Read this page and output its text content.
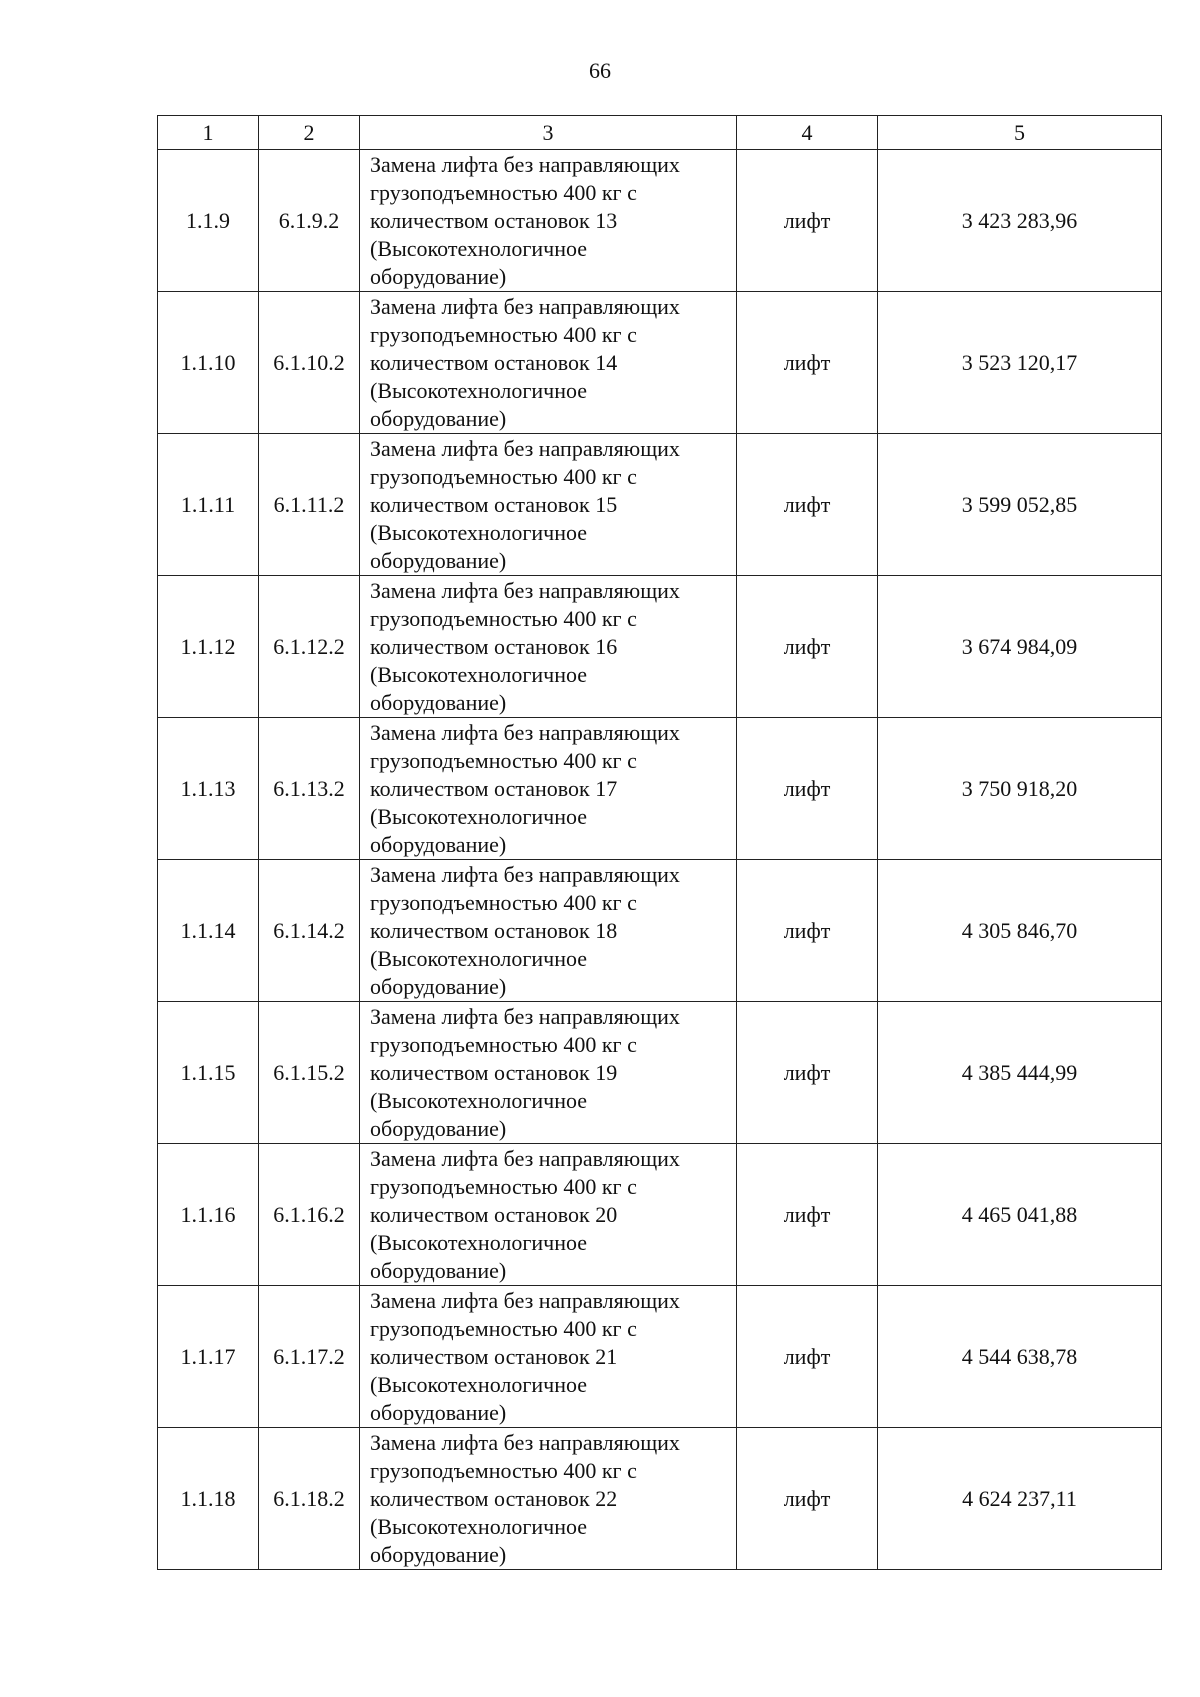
66
1	2	3	4	5
1.1.9	6.1.9.2	Замена лифта без направляющих
грузоподъемностью 400 кг с
количеством остановок 13
(Высокотехнологичное
оборудование)	лифт	3 423 283,96
1.1.10	6.1.10.2	Замена лифта без направляющих
грузоподъемностью 400 кг с
количеством остановок 14
(Высокотехнологичное
оборудование)	лифт	3 523 120,17
1.1.11	6.1.11.2	Замена лифта без направляющих
грузоподъемностью 400 кг с
количеством остановок 15
(Высокотехнологичное
оборудование)	лифт	3 599 052,85
1.1.12	6.1.12.2	Замена лифта без направляющих
грузоподъемностью 400 кг с
количеством остановок 16
(Высокотехнологичное
оборудование)	лифт	3 674 984,09
1.1.13	6.1.13.2	Замена лифта без направляющих
грузоподъемностью 400 кг с
количеством остановок 17
(Высокотехнологичное
оборудование)	лифт	3 750 918,20
1.1.14	6.1.14.2	Замена лифта без направляющих
грузоподъемностью 400 кг с
количеством остановок 18
(Высокотехнологичное
оборудование)	лифт	4 305 846,70
1.1.15	6.1.15.2	Замена лифта без направляющих
грузоподъемностью 400 кг с
количеством остановок 19
(Высокотехнологичное
оборудование)	лифт	4 385 444,99
1.1.16	6.1.16.2	Замена лифта без направляющих
грузоподъемностью 400 кг с
количеством остановок 20
(Высокотехнологичное
оборудование)	лифт	4 465 041,88
1.1.17	6.1.17.2	Замена лифта без направляющих
грузоподъемностью 400 кг с
количеством остановок 21
(Высокотехнологичное
оборудование)	лифт	4 544 638,78
1.1.18	6.1.18.2	Замена лифта без направляющих
грузоподъемностью 400 кг с
количеством остановок 22
(Высокотехнологичное
оборудование)	лифт	4 624 237,11
